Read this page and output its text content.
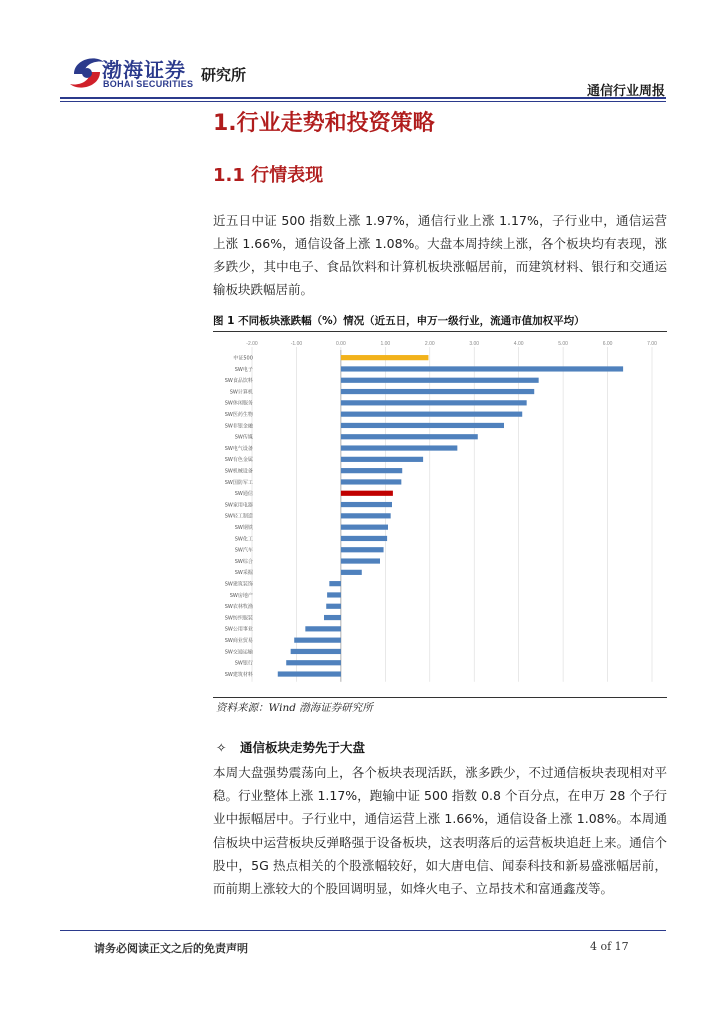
渤海证券
BOHAI SECURITIES 研究所
通信行业周报
1.行业走势和投资策略
1.1 行情表现
近五日中证 500 指数上涨 1.97%，通信行业上涨 1.17%，子行业中，通信运营上涨 1.66%，通信设备上涨 1.08%。大盘本周持续上涨，各个板块均有表现，涨多跌少，其中电子、食品饮料和计算机板块涨幅居前，而建筑材料、银行和交通运输板块跌幅居前。
图 1 不同板块涨跌幅（%）情况（近五日，申万一级行业，流通市值加权平均）
-2.00	-1.00	0.00	1.00	2.00	3.00	4.00	5.00	6.00	7.00
中证500
SW电子
SW食品饮料
SW计算机
SW休闲服务
SW医药生物
SW非银金融
SW传媒
SW电气设备
SW有色金属
SW机械设备
SW国防军工
SW通信
SW家用电器
SW轻工制造
SW钢铁
SW化工
SW汽车
SW综合
SW采掘
SW建筑装饰
SW房地产
SW农林牧渔
SW纺织服装
SW公用事业
SW商业贸易
SW交通运输
SW银行
SW建筑材料
资料来源：Wind 渤海证券研究所
✧ 通信板块走势先于大盘
本周大盘强势震荡向上，各个板块表现活跃，涨多跌少，不过通信板块表现相对平稳。行业整体上涨 1.17%，跑输中证 500 指数 0.8 个百分点，在申万 28 个子行业中振幅居中。子行业中，通信运营上涨 1.66%，通信设备上涨 1.08%。本周通信板块中运营板块反弹略强于设备板块，这表明落后的运营板块追赶上来。通信个股中，5G 热点相关的个股涨幅较好，如大唐电信、闻泰科技和新易盛涨幅居前，而前期上涨较大的个股回调明显，如烽火电子、立昂技术和富通鑫茂等。
请务必阅读正文之后的免责声明	4 of 17
